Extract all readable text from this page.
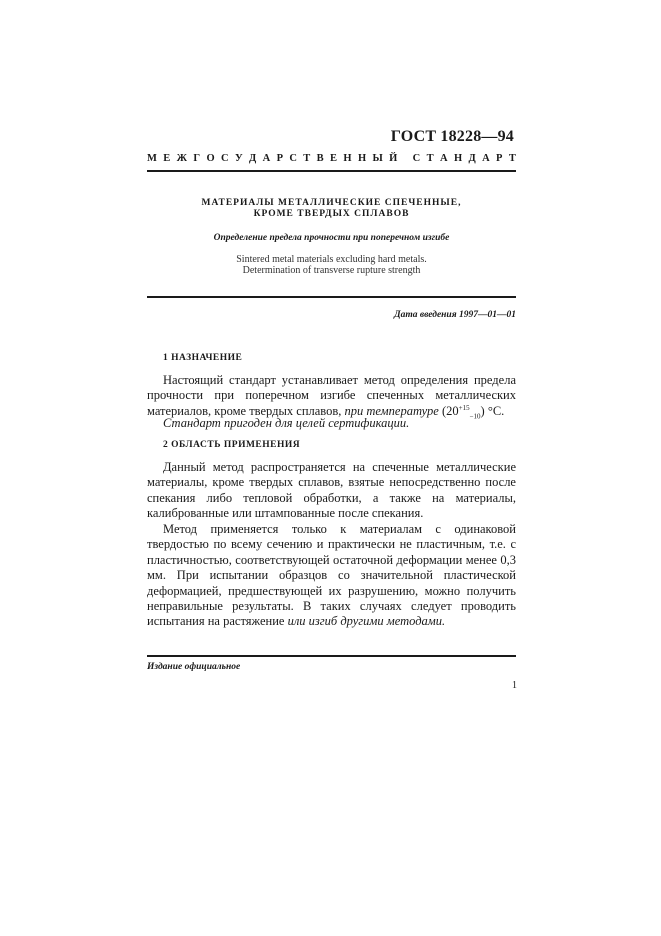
ГОСТ 18228—94
М Е Ж Г О С У Д А Р С Т В Е Н Н Ы Й
С Т А Н Д А Р Т
МАТЕРИАЛЫ МЕТАЛЛИЧЕСКИЕ СПЕЧЕННЫЕ,
КРОМЕ ТВЕРДЫХ СПЛАВОВ
Определение предела прочности при поперечном изгибе
Sintered metal materials excluding hard metals.
Determination of transverse rupture strength
Дата введения 1997—01—01
1 НАЗНАЧЕНИЕ
Настоящий стандарт устанавливает метод определения предела прочности при поперечном изгибе спеченных металлических материалов, кроме твердых сплавов, при температуре $(20^{+15}_{-10})$ °С.
Стандарт пригоден для целей сертификации.
2 ОБЛАСТЬ ПРИМЕНЕНИЯ
Данный метод распространяется на спеченные металлические материалы, кроме твердых сплавов, взятые непосредственно после спекания либо тепловой обработки, а также на материалы, калиброванные или штампованные после спекания.
Метод применяется только к материалам с одинаковой твердостью по всему сечению и практически не пластичным, т.е. с пластичностью, соответствующей остаточной деформации менее 0,3 мм. При испытании образцов со значительной пластической деформацией, предшествующей их разрушению, можно получить неправильные результаты. В таких случаях следует проводить испытания на растяжение или изгиб другими методами.
Издание официальное
1
